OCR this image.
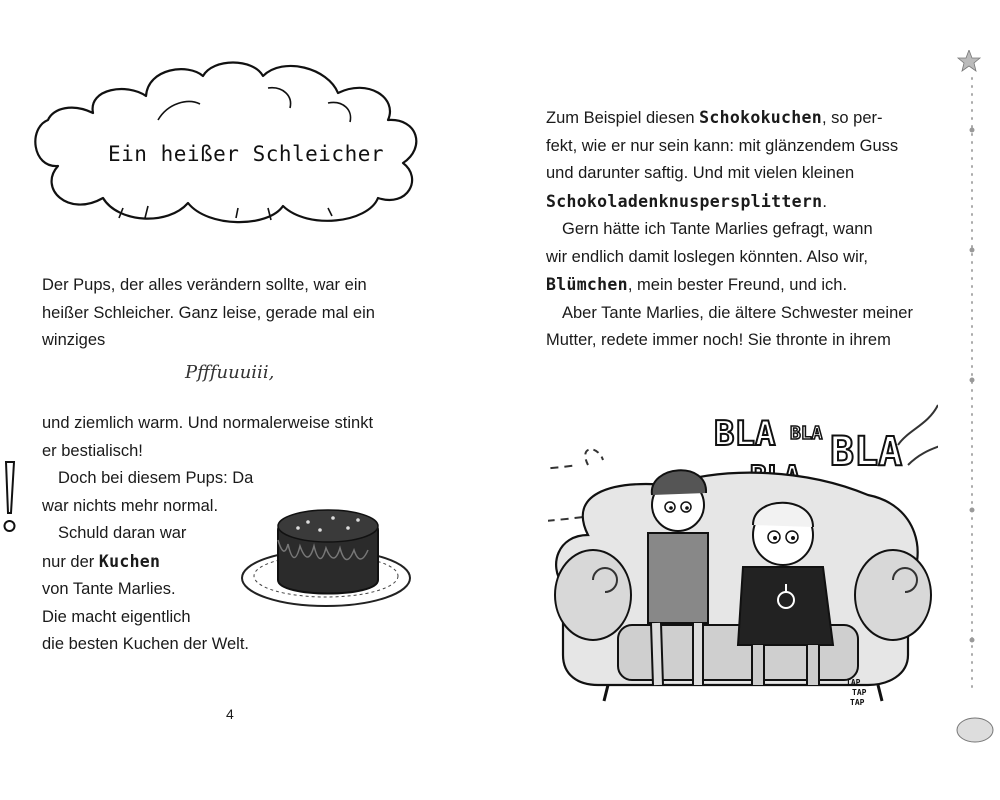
Ein heißer Schleicher
Der Pups, der alles verändern sollte, war ein
heißer Schleicher. Ganz leise, gerade mal ein
winziges
Pfffuuuiii,
und ziemlich warm. Und normalerweise stinkt
er bestialisch!
Doch bei diesem Pups: Da
war nichts mehr normal.
Schuld daran war
nur der Kuchen
von Tante Marlies.
Die macht eigentlich
die besten Kuchen der Welt.
4
Zum Beispiel diesen Schokokuchen, so per-
fekt, wie er nur sein kann: mit glänzendem Guss
und darunter saftig. Und mit vielen kleinen
Schokoladenknuspersplittern.
Gern hätte ich Tante Marlies gefragt, wann
wir endlich damit loslegen könnten. Also wir,
Blümchen, mein bester Freund, und ich.
Aber Tante Marlies, die ältere Schwester meiner
Mutter, redete immer noch! Sie thronte in ihrem
BLA BLA BLA
TAP
TAP
TAP
